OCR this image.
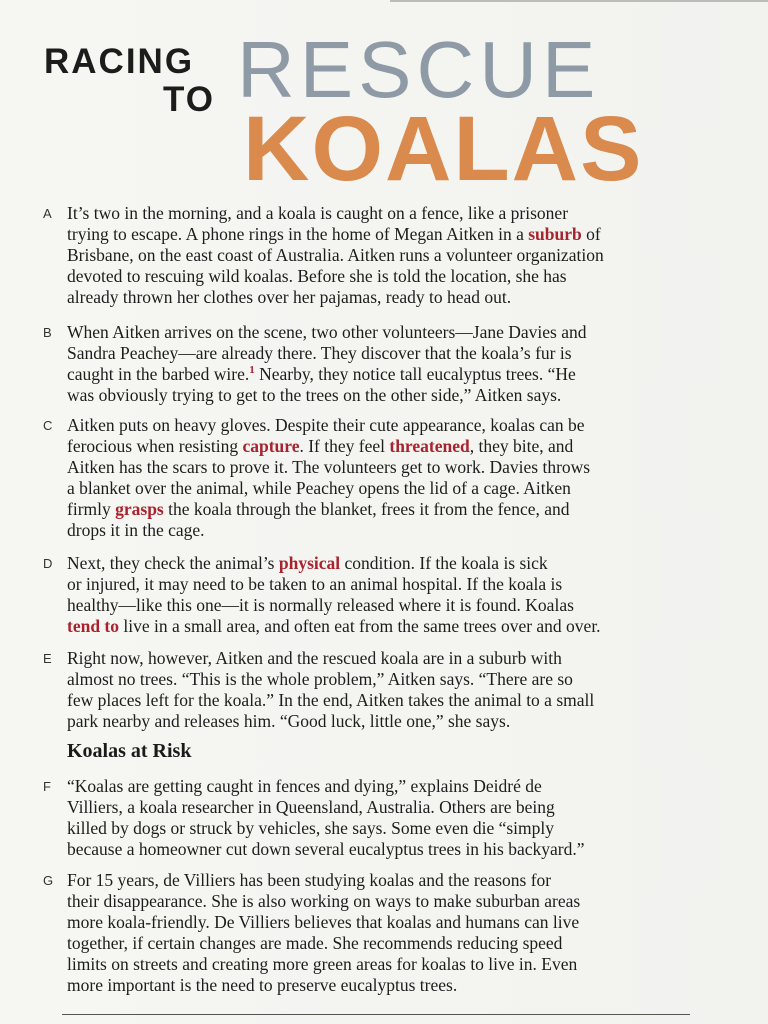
RACING
TO RESCUE
KOALAS
A It’s two in the morning, and a koala is caught on a fence, like a prisoner
trying to escape. A phone rings in the home of Megan Aitken in a suburb of
Brisbane, on the east coast of Australia. Aitken runs a volunteer organization
devoted to rescuing wild koalas. Before she is told the location, she has
already thrown her clothes over her pajamas, ready to head out.
B When Aitken arrives on the scene, two other volunteers—Jane Davies and
Sandra Peachey—are already there. They discover that the koala’s fur is
caught in the barbed wire.$^1$ Nearby, they notice tall eucalyptus trees. “He
was obviously trying to get to the trees on the other side,” Aitken says.
C Aitken puts on heavy gloves. Despite their cute appearance, koalas can be
ferocious when resisting capture. If they feel threatened, they bite, and
Aitken has the scars to prove it. The volunteers get to work. Davies throws
a blanket over the animal, while Peachey opens the lid of a cage. Aitken
firmly grasps the koala through the blanket, frees it from the fence, and
drops it in the cage.
D Next, they check the animal’s physical condition. If the koala is sick
or injured, it may need to be taken to an animal hospital. If the koala is
healthy—like this one—it is normally released where it is found. Koalas
tend to live in a small area, and often eat from the same trees over and over.
E Right now, however, Aitken and the rescued koala are in a suburb with
almost no trees. “This is the whole problem,” Aitken says. “There are so
few places left for the koala.” In the end, Aitken takes the animal to a small
park nearby and releases him. “Good luck, little one,” she says.
Koalas at Risk
F “Koalas are getting caught in fences and dying,” explains Deidré de
Villiers, a koala researcher in Queensland, Australia. Others are being
killed by dogs or struck by vehicles, she says. Some even die “simply
because a homeowner cut down several eucalyptus trees in his backyard.”
G For 15 years, de Villiers has been studying koalas and the reasons for
their disappearance. She is also working on ways to make suburban areas
more koala-friendly. De Villiers believes that koalas and humans can live
together, if certain changes are made. She recommends reducing speed
limits on streets and creating more green areas for koalas to live in. Even
more important is the need to preserve eucalyptus trees.
